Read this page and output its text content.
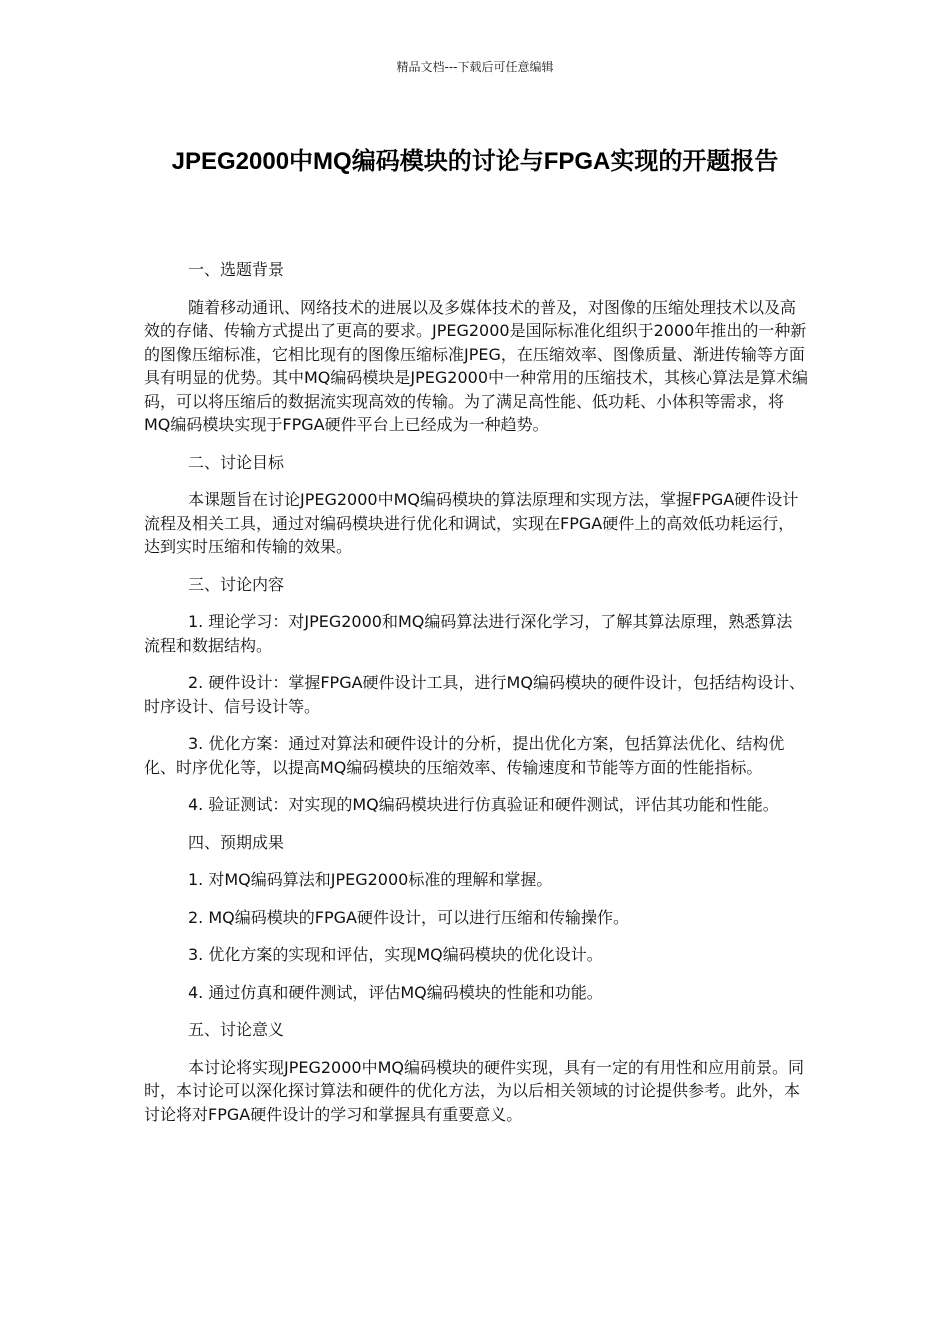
精品文档---下载后可任意编辑
JPEG2000中MQ编码模块的讨论与FPGA实现的开题报告

一、选题背景

随着移动通讯、网络技术的进展以及多媒体技术的普及，对图像的压缩处理技术以及高效的存储、传输方式提出了更高的要求。JPEG2000是国际标准化组织于2000年推出的一种新的图像压缩标准，它相比现有的图像压缩标准JPEG，在压缩效率、图像质量、渐进传输等方面具有明显的优势。其中MQ编码模块是JPEG2000中一种常用的压缩技术，其核心算法是算术编码，可以将压缩后的数据流实现高效的传输。为了满足高性能、低功耗、小体积等需求，将MQ编码模块实现于FPGA硬件平台上已经成为一种趋势。

二、讨论目标

本课题旨在讨论JPEG2000中MQ编码模块的算法原理和实现方法，掌握FPGA硬件设计流程及相关工具，通过对编码模块进行优化和调试，实现在FPGA硬件上的高效低功耗运行，达到实时压缩和传输的效果。

三、讨论内容

1. 理论学习：对JPEG2000和MQ编码算法进行深化学习，了解其算法原理，熟悉算法流程和数据结构。

2. 硬件设计：掌握FPGA硬件设计工具，进行MQ编码模块的硬件设计，包括结构设计、时序设计、信号设计等。

3. 优化方案：通过对算法和硬件设计的分析，提出优化方案，包括算法优化、结构优化、时序优化等，以提高MQ编码模块的压缩效率、传输速度和节能等方面的性能指标。

4. 验证测试：对实现的MQ编码模块进行仿真验证和硬件测试，评估其功能和性能。

四、预期成果

1. 对MQ编码算法和JPEG2000标准的理解和掌握。

2. MQ编码模块的FPGA硬件设计，可以进行压缩和传输操作。

3. 优化方案的实现和评估，实现MQ编码模块的优化设计。

4. 通过仿真和硬件测试，评估MQ编码模块的性能和功能。

五、讨论意义

本讨论将实现JPEG2000中MQ编码模块的硬件实现，具有一定的有用性和应用前景。同时，本讨论可以深化探讨算法和硬件的优化方法，为以后相关领域的讨论提供参考。此外，本讨论将对FPGA硬件设计的学习和掌握具有重要意义。
